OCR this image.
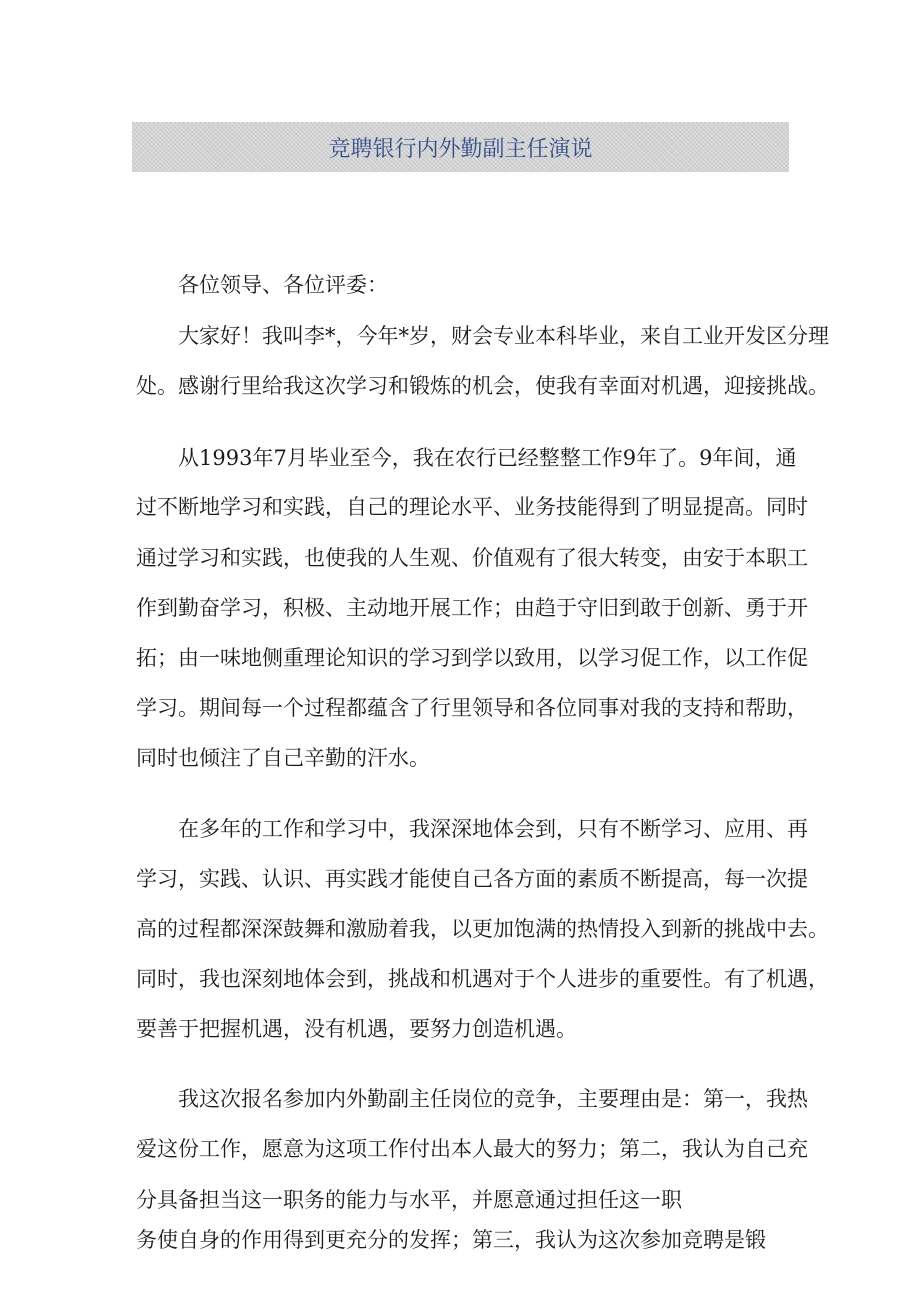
竞聘银行内外勤副主任演说
各位领导、各位评委：
大家好！我叫李*，今年*岁，财会专业本科毕业，来自工业开发区分理
处。感谢行里给我这次学习和锻炼的机会，使我有幸面对机遇，迎接挑战。
从1993年7月毕业至今，我在农行已经整整工作9年了。9年间，通
过不断地学习和实践，自己的理论水平、业务技能得到了明显提高。同时
通过学习和实践，也使我的人生观、价值观有了很大转变，由安于本职工
作到勤奋学习，积极、主动地开展工作；由趋于守旧到敢于创新、勇于开
拓；由一味地侧重理论知识的学习到学以致用，以学习促工作，以工作促
学习。期间每一个过程都蕴含了行里领导和各位同事对我的支持和帮助，
同时也倾注了自己辛勤的汗水。
在多年的工作和学习中，我深深地体会到，只有不断学习、应用、再
学习，实践、认识、再实践才能使自己各方面的素质不断提高，每一次提
高的过程都深深鼓舞和激励着我，以更加饱满的热情投入到新的挑战中去。
同时，我也深刻地体会到，挑战和机遇对于个人进步的重要性。有了机遇，
要善于把握机遇，没有机遇，要努力创造机遇。
我这次报名参加内外勤副主任岗位的竞争，主要理由是：第一，我热
爱这份工作，愿意为这项工作付出本人最大的努力；第二，我认为自己充
分具备担当这一职务的能力与水平，并愿意通过担任这一职
务使自身的作用得到更充分的发挥；第三，我认为这次参加竞聘是锻
